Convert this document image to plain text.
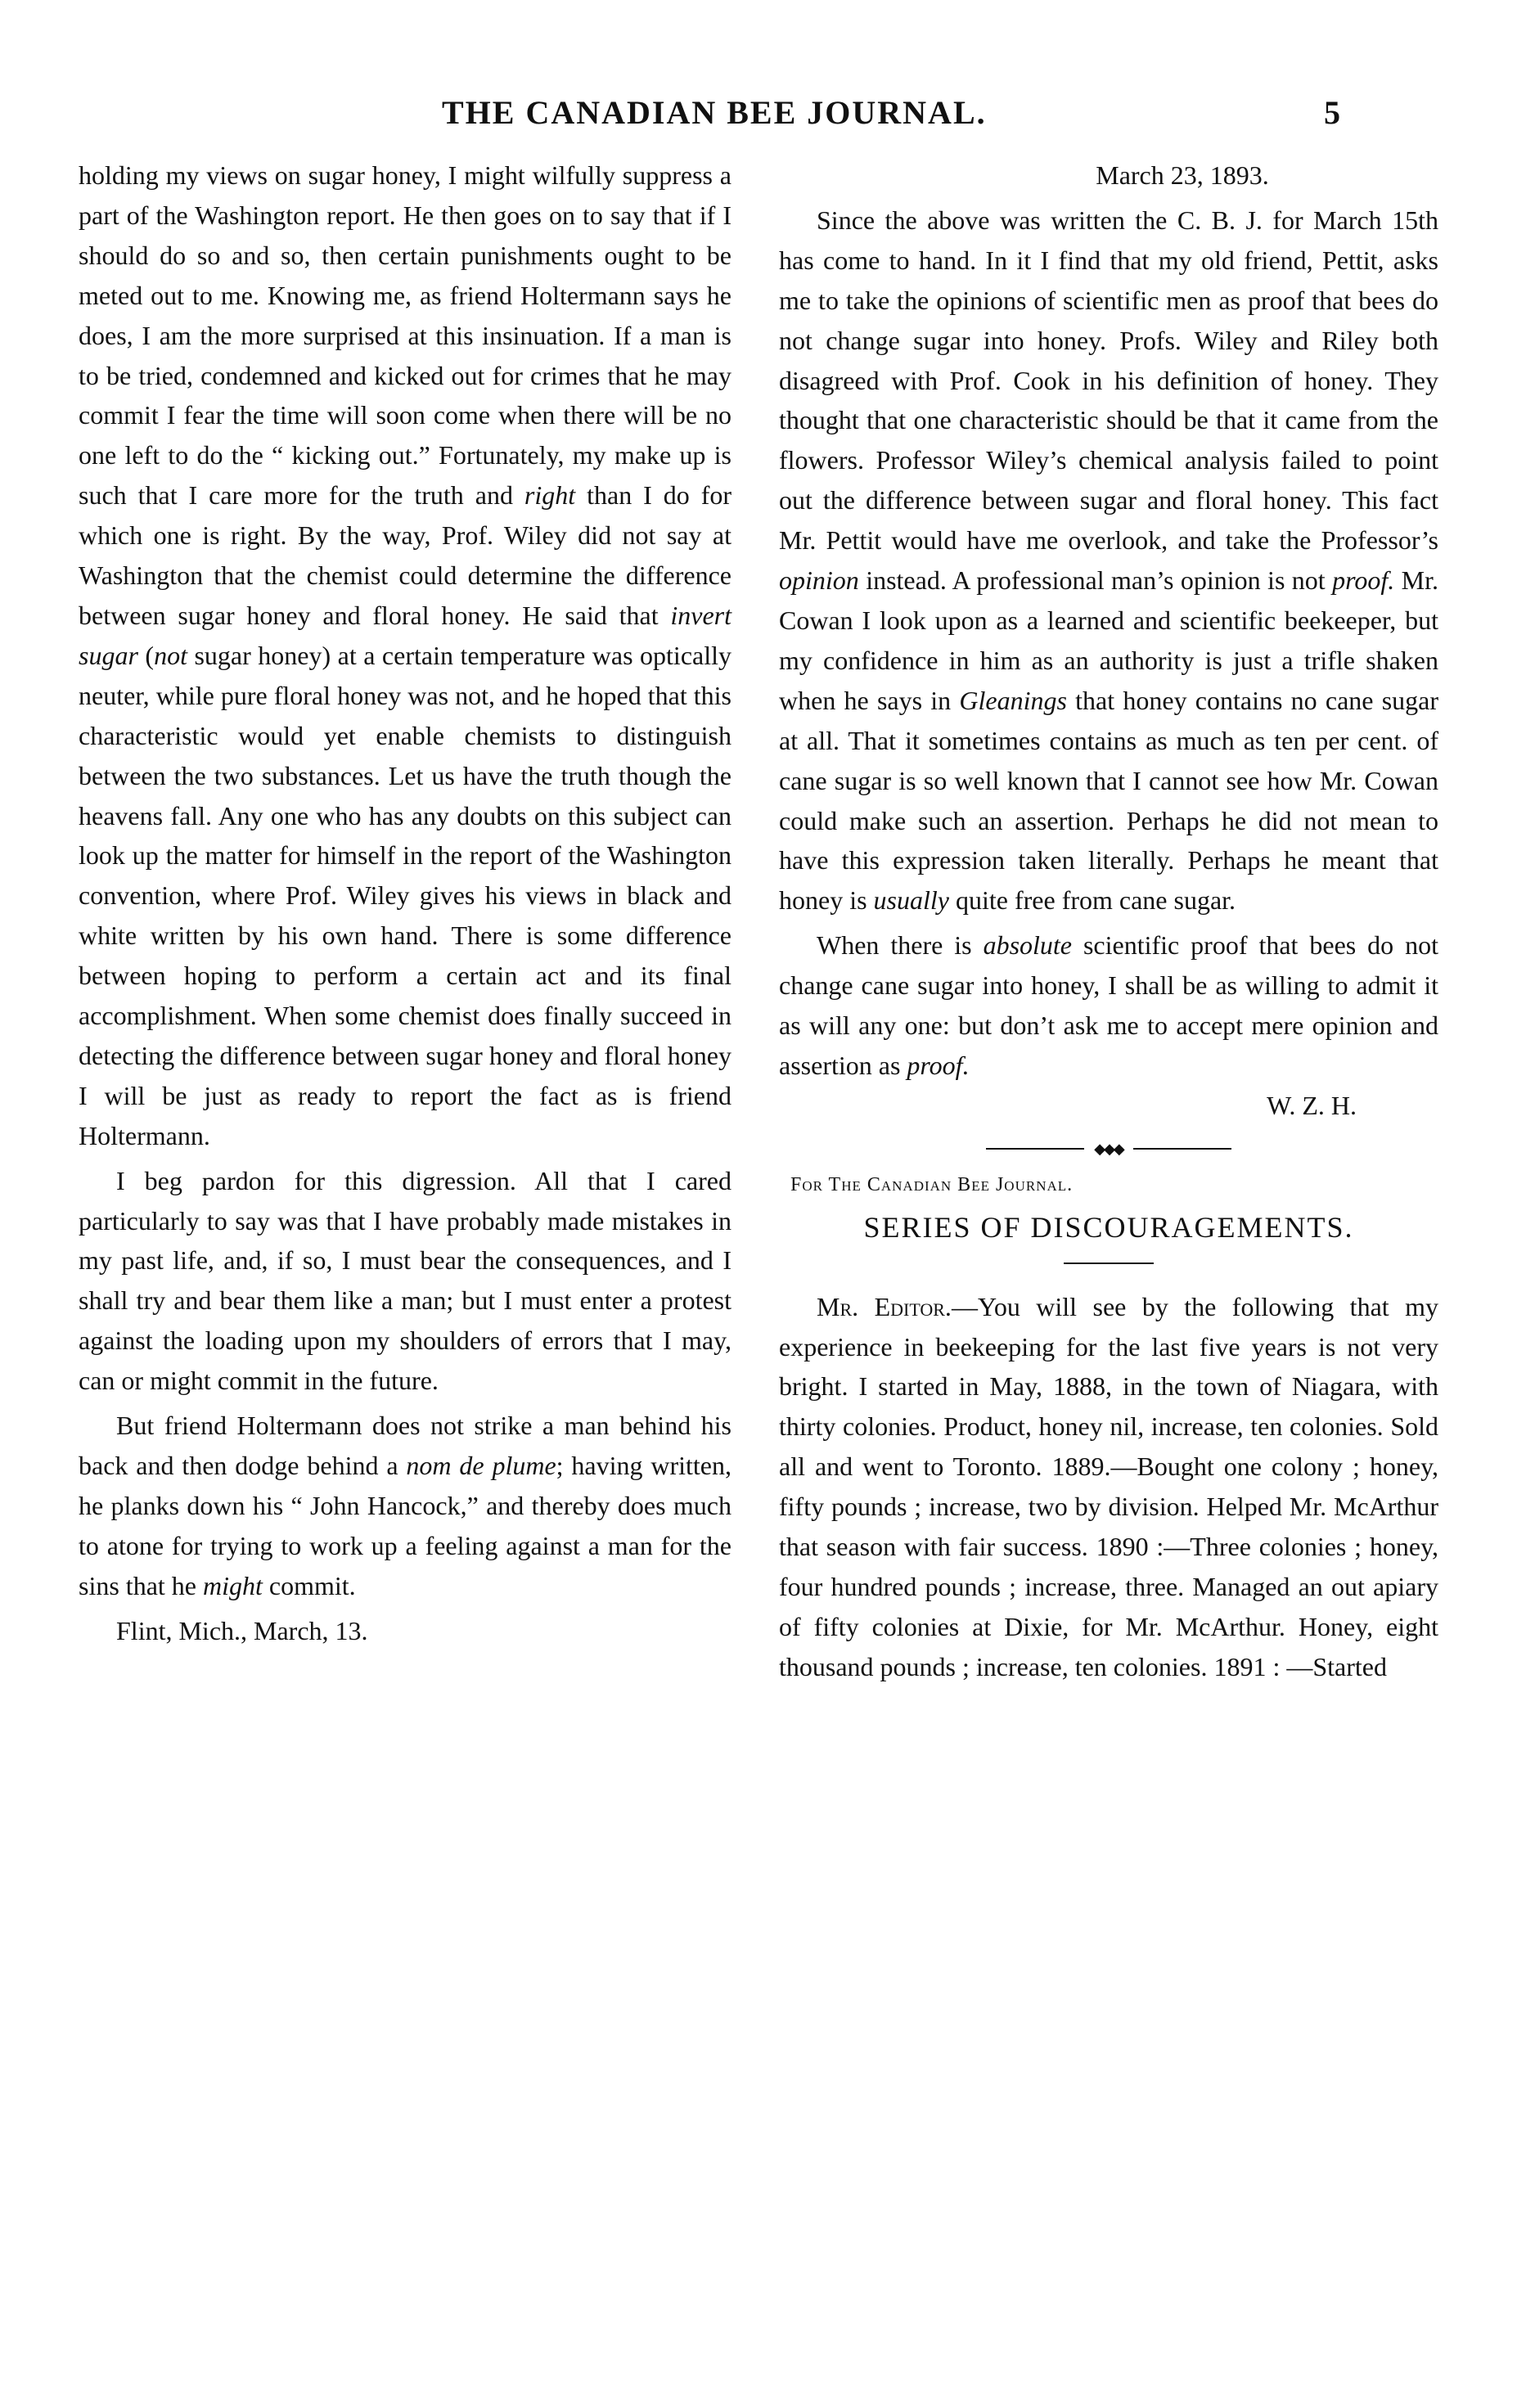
THE CANADIAN BEE JOURNAL.	5

holding my views on sugar honey, I might wilfully suppress a part of the Washington report. He then goes on to say that if I should do so and so, then certain punishments ought to be meted out to me. Knowing me, as friend Holtermann says he does, I am the more surprised at this insinuation. If a man is to be tried, condemned and kicked out for crimes that he may commit I fear the time will soon come when there will be no one left to do the “ kicking out.” Fortunately, my make up is such that I care more for the truth and right than I do for which one is right. By the way, Prof. Wiley did not say at Washington that the chemist could determine the difference between sugar honey and floral honey. He said that invert sugar (not sugar honey) at a certain temperature was optically neuter, while pure floral honey was not, and he hoped that this characteristic would yet enable chemists to distinguish between the two substances. Let us have the truth though the heavens fall. Any one who has any doubts on this subject can look up the matter for himself in the report of the Washington convention, where Prof. Wiley gives his views in black and white written by his own hand. There is some difference between hoping to perform a certain act and its final accomplishment. When some chemist does finally succeed in detecting the difference between sugar honey and floral honey I will be just as ready to report the fact as is friend Holtermann.

I beg pardon for this digression. All that I cared particularly to say was that I have probably made mistakes in my past life, and, if so, I must bear the consequences, and I shall try and bear them like a man; but I must enter a protest against the loading upon my shoulders of errors that I may, can or might commit in the future.

But friend Holtermann does not strike a man behind his back and then dodge behind a nom de plume; having written, he planks down his “ John Hancock,” and thereby does much to atone for trying to work up a feeling against a man for the sins that he might commit.

Flint, Mich., March, 13.

March 23, 1893.

Since the above was written the C. B. J. for March 15th has come to hand. In it I find that my old friend, Pettit, asks me to take the opinions of scientific men as proof that bees do not change sugar into honey. Profs. Wiley and Riley both disagreed with Prof. Cook in his definition of honey. They thought that one characteristic should be that it came from the flowers. Professor Wiley’s chemical analysis failed to point out the difference between sugar and floral honey. This fact Mr. Pettit would have me overlook, and take the Professor’s opinion instead. A professional man’s opinion is not proof. Mr. Cowan I look upon as a learned and scientific beekeeper, but my confidence in him as an authority is just a trifle shaken when he says in Gleanings that honey contains no cane sugar at all. That it sometimes contains as much as ten per cent. of cane sugar is so well known that I cannot see how Mr. Cowan could make such an assertion. Perhaps he did not mean to have this expression taken literally. Perhaps he meant that honey is usually quite free from cane sugar.

When there is absolute scientific proof that bees do not change cane sugar into honey, I shall be as willing to admit it as will any one: but don’t ask me to accept mere opinion and assertion as proof.

W. Z. H.

◆◆◆

For The Canadian Bee Journal.

SERIES OF DISCOURAGEMENTS.

Mr. Editor.—You will see by the following that my experience in beekeeping for the last five years is not very bright. I started in May, 1888, in the town of Niagara, with thirty colonies. Product, honey nil, increase, ten colonies. Sold all and went to Toronto. 1889.—Bought one colony ; honey, fifty pounds ; increase, two by division. Helped Mr. McArthur that season with fair success. 1890 :—Three colonies ; honey, four hundred pounds ; increase, three. Managed an out apiary of fifty colonies at Dixie, for Mr. McArthur. Honey, eight thousand pounds ; increase, ten colonies. 1891 : —Started
